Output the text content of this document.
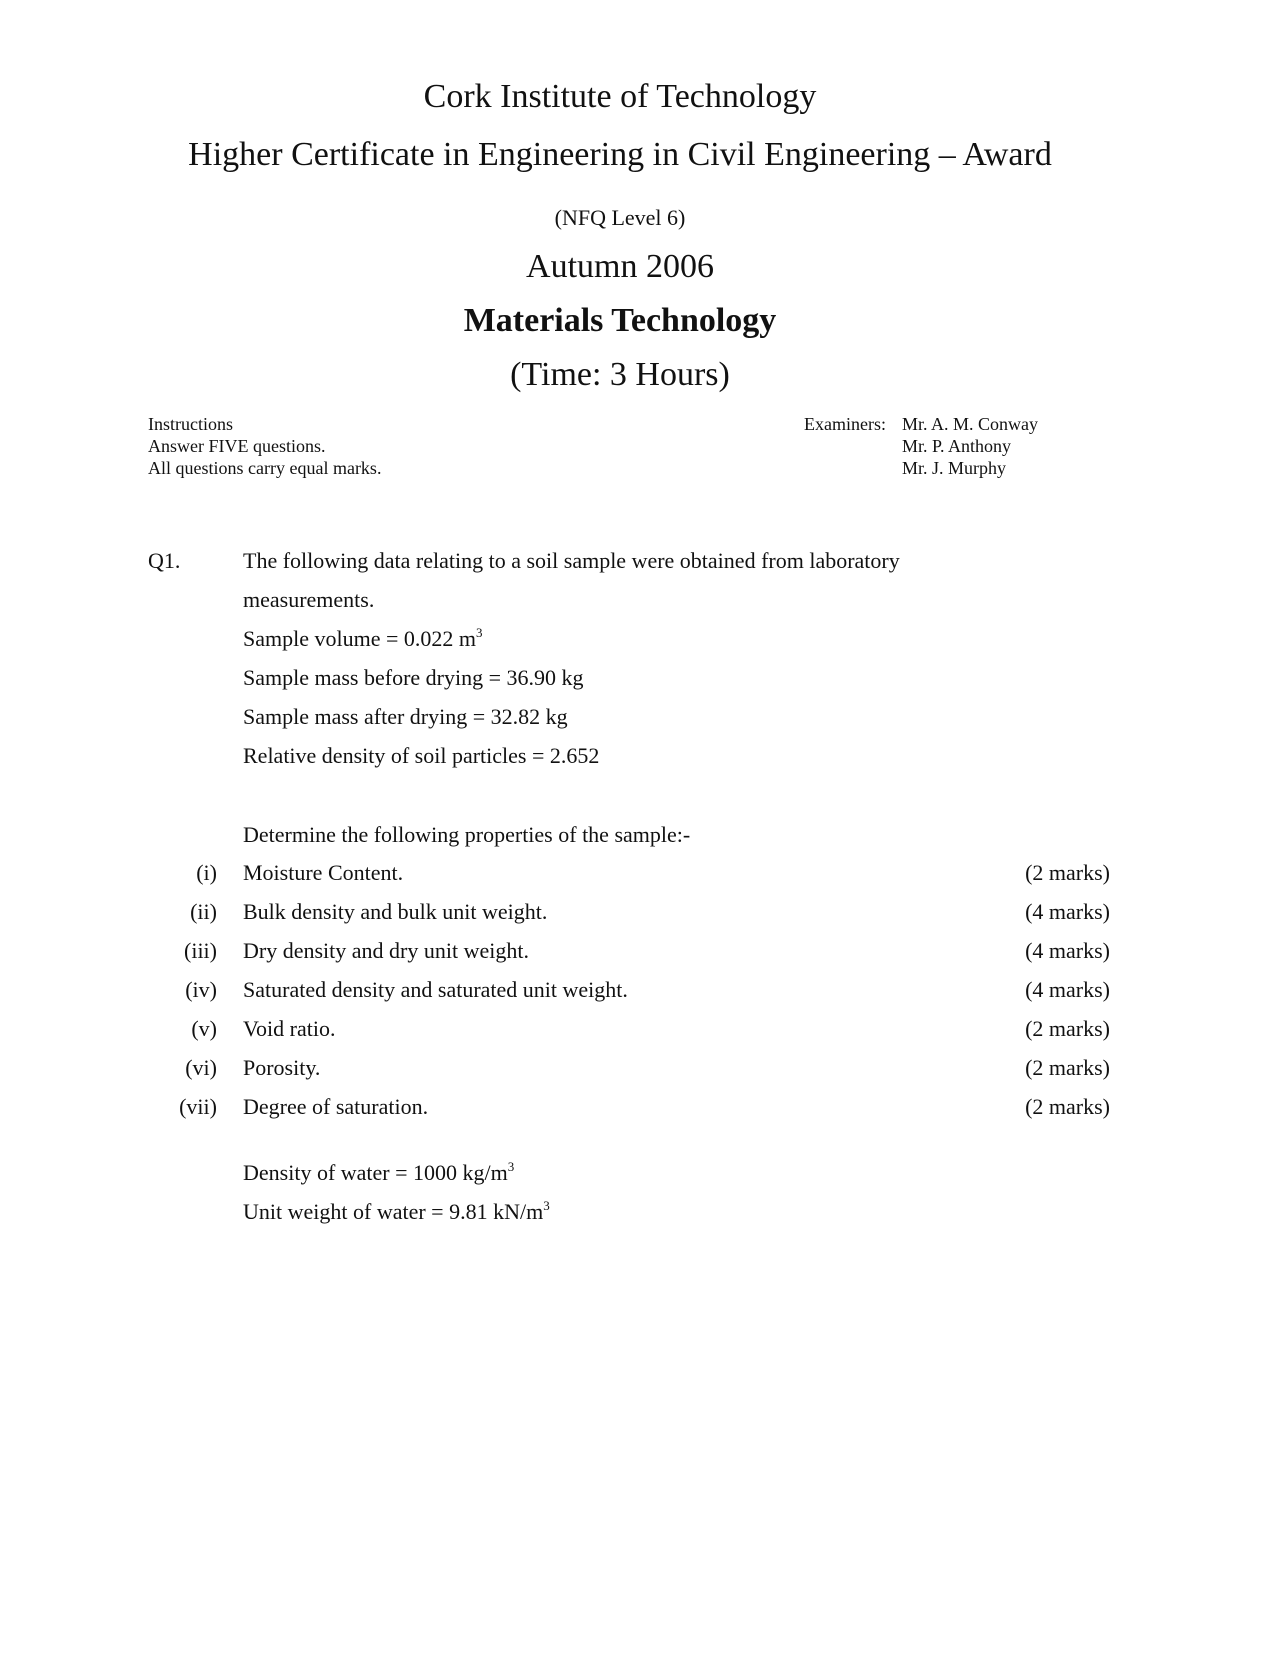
Cork Institute of Technology
Higher Certificate in Engineering in Civil Engineering – Award
(NFQ Level 6)
Autumn 2006
Materials Technology
(Time: 3 Hours)
Instructions
Answer FIVE questions.
All questions carry equal marks.
Examiners: Mr. A. M. Conway
Mr. P. Anthony
Mr. J. Murphy
Q1.	The following data relating to a soil sample were obtained from laboratory
measurements.
Sample volume = 0.022 $m^3$
Sample mass before drying = 36.90 kg
Sample mass after drying = 32.82 kg
Relative density of soil particles = 2.652
Determine the following properties of the sample:-
(i) Moisture Content.	(2 marks)
(ii) Bulk density and bulk unit weight.	(4 marks)
(iii) Dry density and dry unit weight.	(4 marks)
(iv) Saturated density and saturated unit weight.	(4 marks)
(v) Void ratio.	(2 marks)
(vi) Porosity.	(2 marks)
(vii) Degree of saturation.	(2 marks)
Density of water = 1000 $kg/m^3$
Unit weight of water = 9.81 $kN/m^3$
